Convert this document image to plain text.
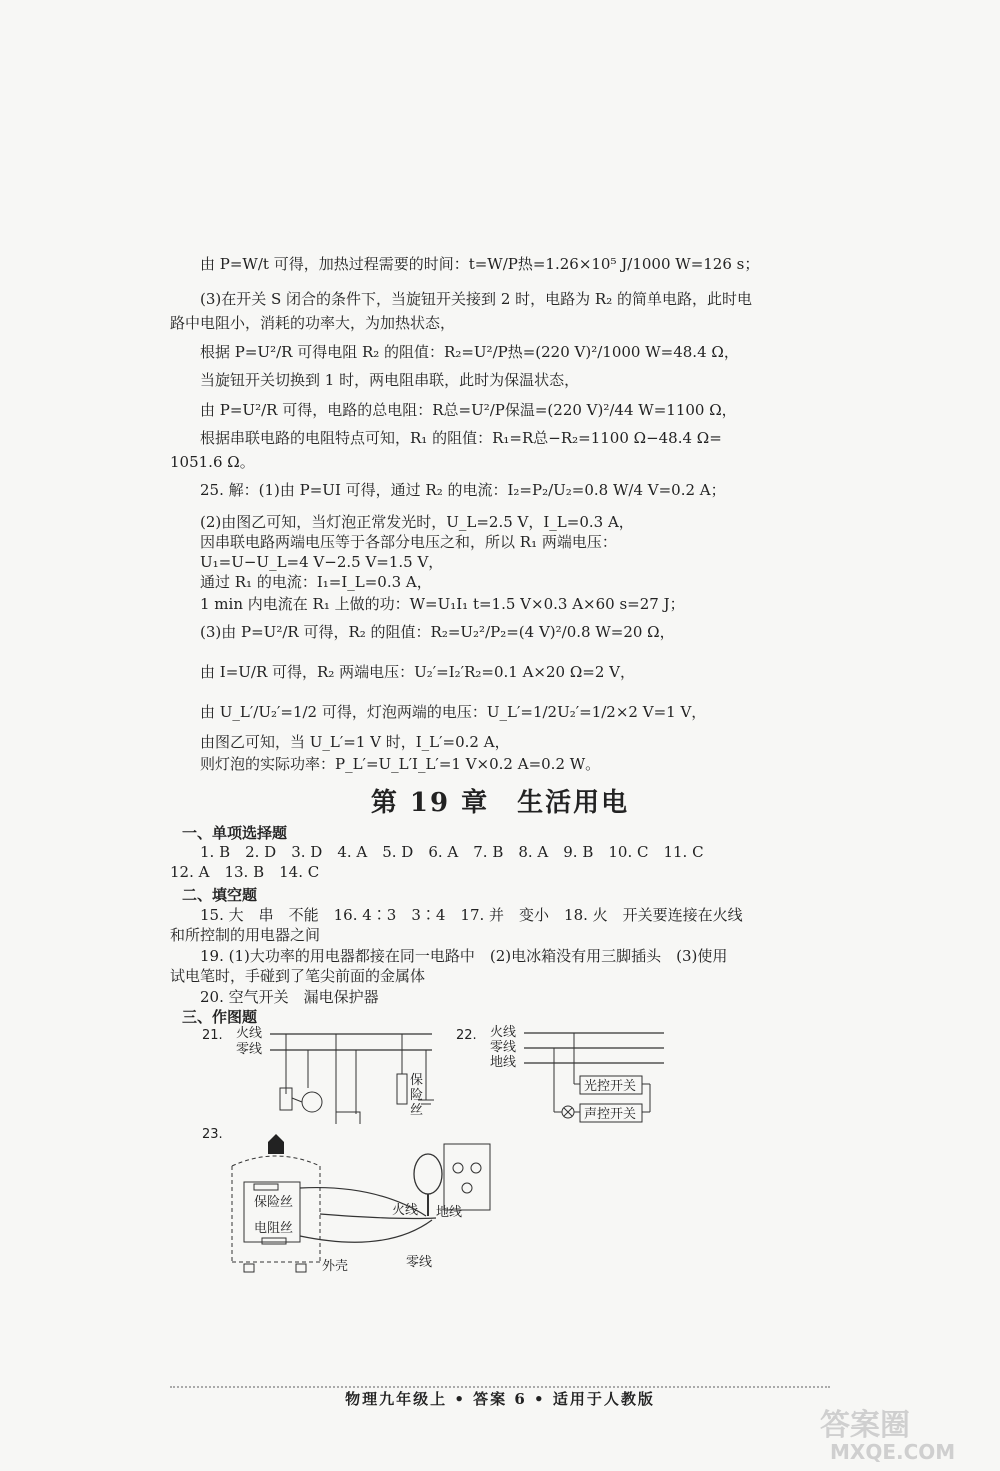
由 P=W/t 可得，加热过程需要的时间：t=W/P热=1.26×10⁵ J/1000 W=126 s；
(3)在开关 S 闭合的条件下，当旋钮开关接到 2 时，电路为 R₂ 的简单电路，此时电
路中电阻小，消耗的功率大，为加热状态，
根据 P=U²/R 可得电阻 R₂ 的阻值：R₂=U²/P热=(220 V)²/1000 W=48.4 Ω，
当旋钮开关切换到 1 时，两电阻串联，此时为保温状态，
由 P=U²/R 可得，电路的总电阻：R总=U²/P保温=(220 V)²/44 W=1100 Ω，
根据串联电路的电阻特点可知，R₁ 的阻值：R₁=R总−R₂=1100 Ω−48.4 Ω=
1051.6 Ω。
25. 解：(1)由 P=UI 可得，通过 R₂ 的电流：I₂=P₂/U₂=0.8 W/4 V=0.2 A；
(2)由图乙可知，当灯泡正常发光时，U_L=2.5 V，I_L=0.3 A，
因串联电路两端电压等于各部分电压之和，所以 R₁ 两端电压：
U₁=U−U_L=4 V−2.5 V=1.5 V，
通过 R₁ 的电流：I₁=I_L=0.3 A，
1 min 内电流在 R₁ 上做的功：W=U₁I₁ t=1.5 V×0.3 A×60 s=27 J；
(3)由 P=U²/R 可得，R₂ 的阻值：R₂=U₂²/P₂=(4 V)²/0.8 W=20 Ω，
由 I=U/R 可得，R₂ 两端电压：U₂′=I₂′R₂=0.1 A×20 Ω=2 V，
由 U_L′/U₂′=1/2 可得，灯泡两端的电压：U_L′=1/2U₂′=1/2×2 V=1 V，
由图乙可知，当 U_L′=1 V 时，I_L′=0.2 A，
则灯泡的实际功率：P_L′=U_L′I_L′=1 V×0.2 A=0.2 W。
第 19 章　生活用电
一、单项选择题
1. B　2. D　3. D　4. A　5. D　6. A　7. B　8. A　9. B　10. C　11. C
12. A　13. B　14. C
二、填空题
15. 大　串　不能　16. 4∶3　3∶4　17. 并　变小　18. 火　开关要连接在火线
和所控制的用电器之间
19. (1)大功率的用电器都接在同一电路中　(2)电冰箱没有用三脚插头　(3)使用
试电笔时，手碰到了笔尖前面的金属体
20. 空气开关　漏电保护器
三、作图题
21. 火线
零线
保
险
丝
22. 火线
零线
地线
声控开关
光控开关
23.
保险丝
电阻丝
火线 地线
零线
外壳
物理九年级上 • 答案 6 • 适用于人教版
答案圈
MXQE.COM
